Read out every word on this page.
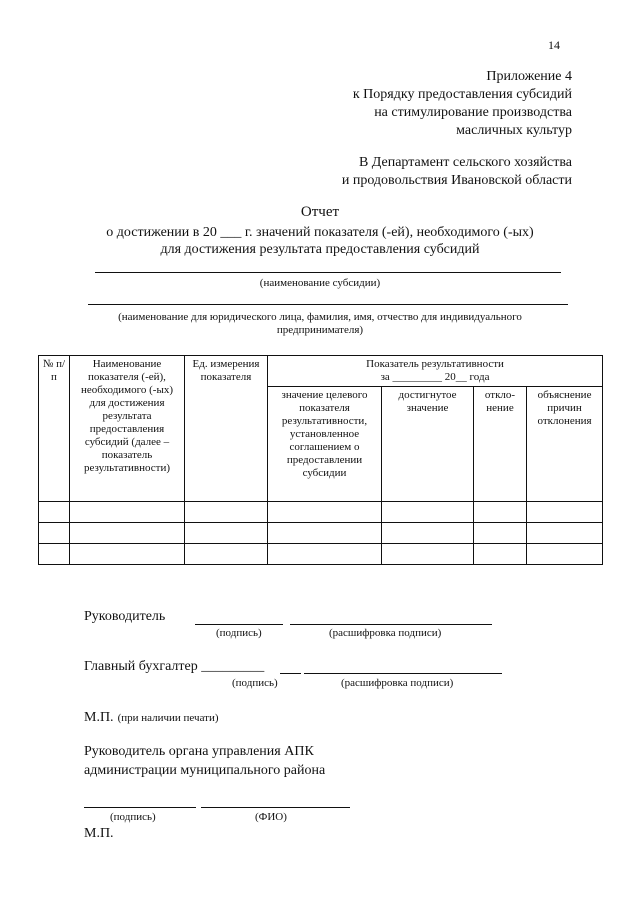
14
Приложение 4
к Порядку предоставления субсидий
на стимулирование производства
масличных культур
В Департамент сельского хозяйства
и продовольствия Ивановской области
Отчет
о достижении в 20 ___ г. значений показателя (-ей), необходимого (-ых)
для достижения результата предоставления субсидий
(наименование субсидии)
(наименование для юридического лица, фамилия, имя, отчество для индивидуального
предпринимателя)
№ п/п	Наименование показателя (-ей), необходимого (-ых) для достижения результата предоставления субсидий (далее – показатель результативности)	Ед. измерения показателя	Показатель результативности
за _________ 20__ года			

			значение целевого показателя результативности, установленное соглашением о предоставлении субсидии	достигнутое значение	откло-нение	объяснение причин отклонения

Руководитель
(подпись)	(расшифровка подписи)
Главный бухгалтер _________
(подпись)	(расшифровка подписи)
М.П. (при наличии печати)
Руководитель органа управления АПК
администрации муниципального района
(подпись)	(ФИО)
М.П.
